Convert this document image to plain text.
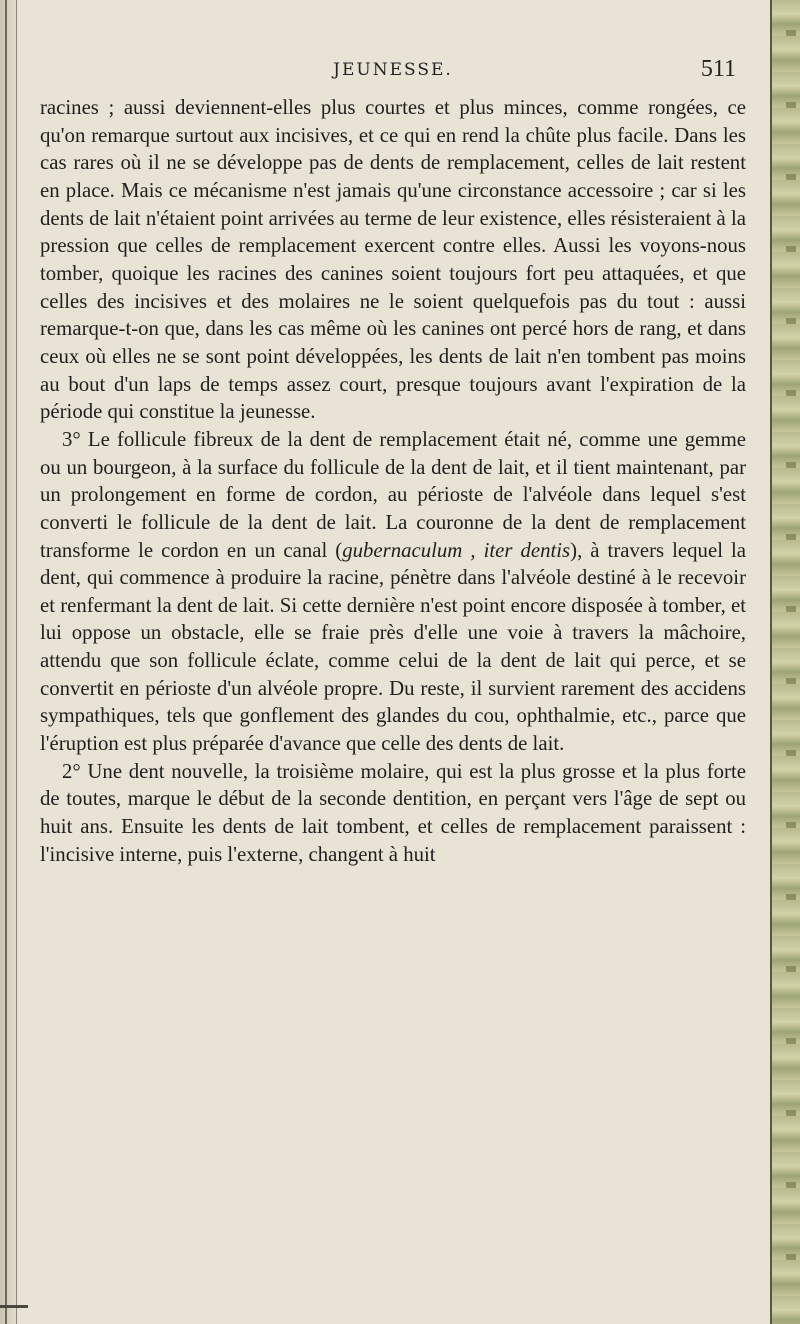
JEUNESSE.	511

racines ; aussi deviennent-elles plus courtes et plus minces, comme rongées, ce qu'on remarque surtout aux incisives, et ce qui en rend la chûte plus facile. Dans les cas rares où il ne se développe pas de dents de remplacement, celles de lait restent en place. Mais ce mécanisme n'est jamais qu'une circonstance accessoire ; car si les dents de lait n'étaient point arrivées au terme de leur existence, elles résisteraient à la pression que celles de remplacement exercent contre elles. Aussi les voyons-nous tomber, quoique les racines des canines soient toujours fort peu attaquées, et que celles des incisives et des molaires ne le soient quelquefois pas du tout : aussi remarque-t-on que, dans les cas même où les canines ont percé hors de rang, et dans ceux où elles ne se sont point développées, les dents de lait n'en tombent pas moins au bout d'un laps de temps assez court, presque toujours avant l'expiration de la période qui constitue la jeunesse.

3° Le follicule fibreux de la dent de remplacement était né, comme une gemme ou un bourgeon, à la surface du follicule de la dent de lait, et il tient maintenant, par un prolongement en forme de cordon, au périoste de l'alvéole dans lequel s'est converti le follicule de la dent de lait. La couronne de la dent de remplacement transforme le cordon en un canal (gubernaculum , iter dentis), à travers lequel la dent, qui commence à produire la racine, pénètre dans l'alvéole destiné à le recevoir et renfermant la dent de lait. Si cette dernière n'est point encore disposée à tomber, et lui oppose un obstacle, elle se fraie près d'elle une voie à travers la mâchoire, attendu que son follicule éclate, comme celui de la dent de lait qui perce, et se convertit en périoste d'un alvéole propre. Du reste, il survient rarement des accidens sympathiques, tels que gonflement des glandes du cou, ophthalmie, etc., parce que l'éruption est plus préparée d'avance que celle des dents de lait.

2° Une dent nouvelle, la troisième molaire, qui est la plus grosse et la plus forte de toutes, marque le début de la seconde dentition, en perçant vers l'âge de sept ou huit ans. Ensuite les dents de lait tombent, et celles de remplacement paraissent : l'incisive interne, puis l'externe, changent à huit
